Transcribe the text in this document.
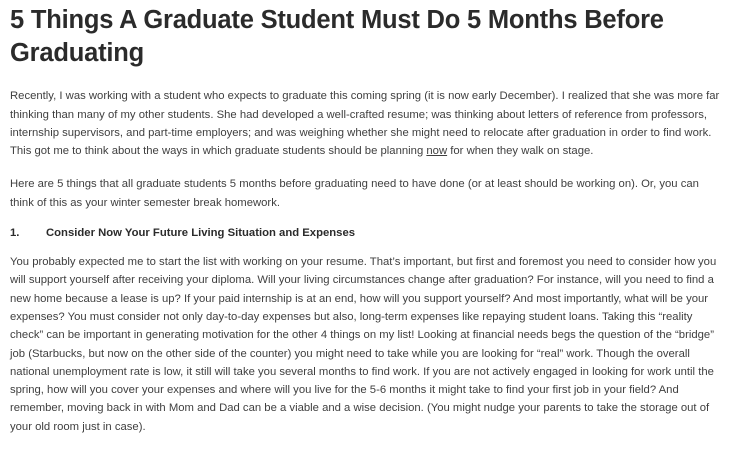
5 Things A Graduate Student Must Do 5 Months Before Graduating

Recently, I was working with a student who expects to graduate this coming spring (it is now early December). I realized that she was more far thinking than many of my other students. She had developed a well-crafted resume; was thinking about letters of reference from professors, internship supervisors, and part-time employers; and was weighing whether she might need to relocate after graduation in order to find work. This got me to think about the ways in which graduate students should be planning now for when they walk on stage.

Here are 5 things that all graduate students 5 months before graduating need to have done (or at least should be working on). Or, you can think of this as your winter semester break homework.

1.	Consider Now Your Future Living Situation and Expenses

You probably expected me to start the list with working on your resume. That’s important, but first and foremost you need to consider how you will support yourself after receiving your diploma. Will your living circumstances change after graduation? For instance, will you need to find a new home because a lease is up? If your paid internship is at an end, how will you support yourself? And most importantly, what will be your expenses? You must consider not only day-to-day expenses but also, long-term expenses like repaying student loans. Taking this “reality check” can be important in generating motivation for the other 4 things on my list! Looking at financial needs begs the question of the “bridge” job (Starbucks, but now on the other side of the counter) you might need to take while you are looking for “real” work. Though the overall national unemployment rate is low, it still will take you several months to find work. If you are not actively engaged in looking for work until the spring, how will you cover your expenses and where will you live for the 5-6 months it might take to find your first job in your field? And remember, moving back in with Mom and Dad can be a viable and a wise decision. (You might nudge your parents to take the storage out of your old room just in case).
